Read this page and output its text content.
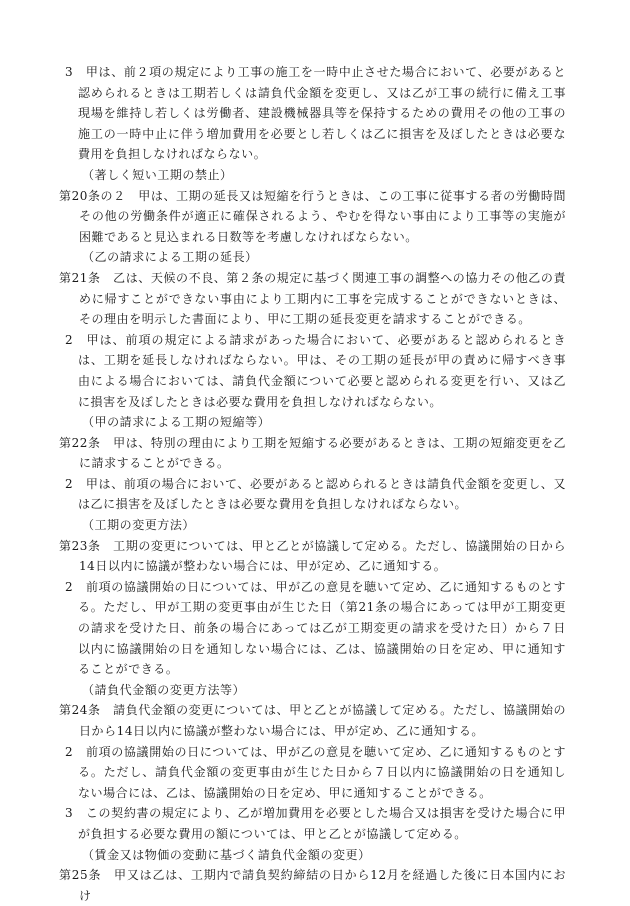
3　甲は、前２項の規定により工事の施工を一時中止させた場合において、必要があると認められるときは工期若しくは請負代金額を変更し、又は乙が工事の続行に備え工事現場を維持し若しくは労働者、建設機械器具等を保持するための費用その他の工事の施工の一時中止に伴う増加費用を必要とし若しくは乙に損害を及ぼしたときは必要な費用を負担しなければならない。

（著しく短い工期の禁止）

第20条の２　甲は、工期の延長又は短縮を行うときは、この工事に従事する者の労働時間その他の労働条件が適正に確保されるよう、やむを得ない事由により工事等の実施が困難であると見込まれる日数等を考慮しなければならない。

（乙の請求による工期の延長）

第21条　乙は、天候の不良、第２条の規定に基づく関連工事の調整への協力その他乙の責めに帰すことができない事由により工期内に工事を完成することができないときは、その理由を明示した書面により、甲に工期の延長変更を請求することができる。

2　甲は、前項の規定による請求があった場合において、必要があると認められるときは、工期を延長しなければならない。甲は、その工期の延長が甲の責めに帰すべき事由による場合においては、請負代金額について必要と認められる変更を行い、又は乙に損害を及ぼしたときは必要な費用を負担しなければならない。

（甲の請求による工期の短縮等）

第22条　甲は、特別の理由により工期を短縮する必要があるときは、工期の短縮変更を乙に請求することができる。

2　甲は、前項の場合において、必要があると認められるときは請負代金額を変更し、又は乙に損害を及ぼしたときは必要な費用を負担しなければならない。

（工期の変更方法）

第23条　工期の変更については、甲と乙とが協議して定める。ただし、協議開始の日から14日以内に協議が整わない場合には、甲が定め、乙に通知する。

2　前項の協議開始の日については、甲が乙の意見を聴いて定め、乙に通知するものとする。ただし、甲が工期の変更事由が生じた日（第21条の場合にあっては甲が工期変更の請求を受けた日、前条の場合にあっては乙が工期変更の請求を受けた日）から７日以内に協議開始の日を通知しない場合には、乙は、協議開始の日を定め、甲に通知することができる。

（請負代金額の変更方法等）

第24条　請負代金額の変更については、甲と乙とが協議して定める。ただし、協議開始の日から14日以内に協議が整わない場合には、甲が定め、乙に通知する。

2　前項の協議開始の日については、甲が乙の意見を聴いて定め、乙に通知するものとする。ただし、請負代金額の変更事由が生じた日から７日以内に協議開始の日を通知しない場合には、乙は、協議開始の日を定め、甲に通知することができる。

3　この契約書の規定により、乙が増加費用を必要とした場合又は損害を受けた場合に甲が負担する必要な費用の額については、甲と乙とが協議して定める。

（賃金又は物価の変動に基づく請負代金額の変更）

第25条　甲又は乙は、工期内で請負契約締結の日から12月を経過した後に日本国内におけ
